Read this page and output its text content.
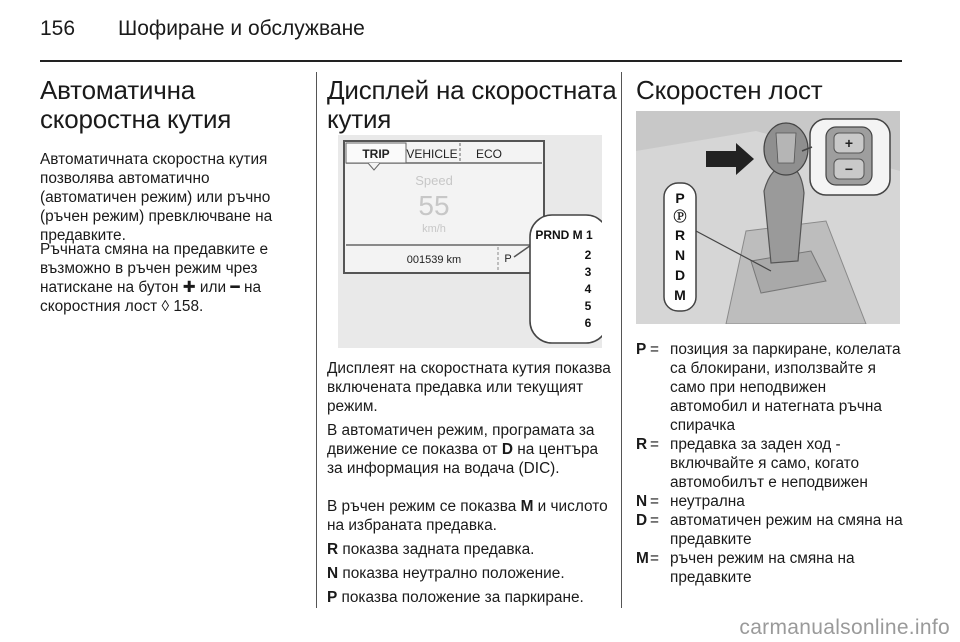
156 Шофиране и обслужване
Автоматична скоростна кутия

Автоматичната скоростна кутия позволява автоматично (автоматичен режим) или ръчно (ръчен режим) превключване на предавките.

Ръчната смяна на предавките е възможно в ръчен режим чрез натискане на бутон ✚ или ━ на скоростния лост ◊ 158.

Дисплей на скоростната кутия
TRIP VEHICLE ECO
Speed
55
km/h
001539 km	P
PRND M 1
2
3
4
5
6

Дисплеят на скоростната кутия показва включената предавка или текущият режим.

В автоматичен режим, програмата за движение се показва от D на центъра за информация на водача (DIC).

В ръчен режим се показва M и числото на избраната предавка.

R показва задната предавка.

N показва неутрално положение.

P показва положение за паркиране.

Скоростен лост
+
−
P
Ⓟ
R
N
D
M
P = позиция за паркиране, колелата са блокирани, използвайте я само при неподвижен автомобил и натегната ръчна спирачка
R = предавка за заден ход - включвайте я само, когато автомобилът е неподвижен
N = неутрална
D = автоматичен режим на смяна на предавките
M = ръчен режим на смяна на предавките
carmanualsonline.info
